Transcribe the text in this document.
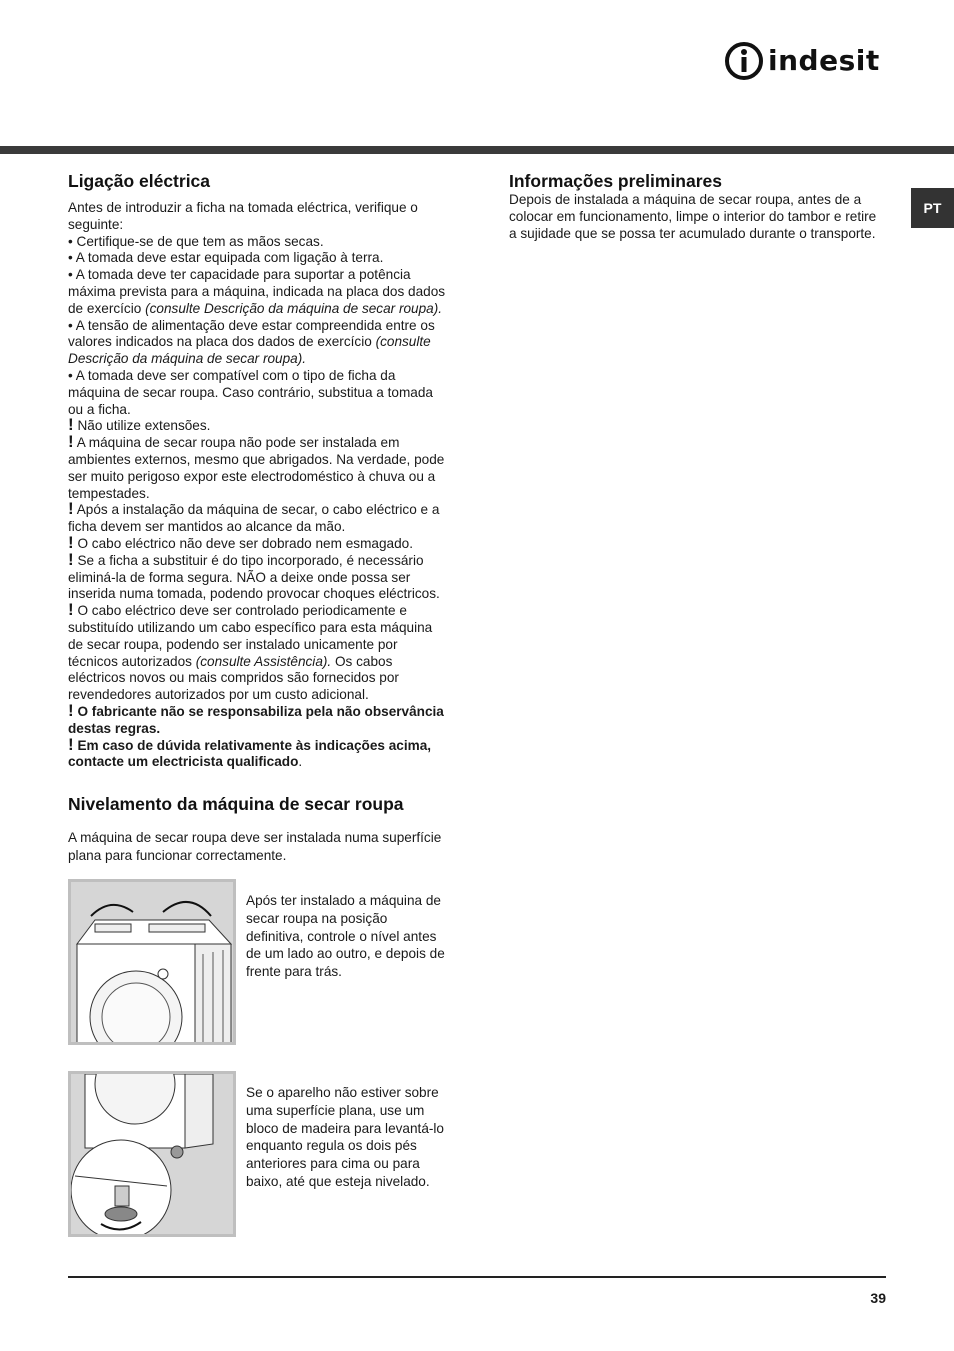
indesit
PT
Ligação eléctrica

Antes de introduzir a ficha na tomada eléctrica, verifique o seguinte:

• Certifique-se de que tem as mãos secas.

• A tomada deve estar equipada com ligação à terra.

• A tomada deve ter capacidade para suportar a potência máxima prevista para a máquina, indicada na placa dos dados de exercício (consulte Descrição da máquina de secar roupa).

• A tensão de alimentação deve estar compreendida entre os valores indicados na placa dos dados de exercício (consulte Descrição da máquina de secar roupa).

• A tomada deve ser compatível com o tipo de ficha da máquina de secar roupa. Caso contrário, substitua a tomada ou a ficha.

! Não utilize extensões.

! A máquina de secar roupa não pode ser instalada em ambientes externos, mesmo que abrigados. Na verdade, pode ser muito perigoso expor este electrodoméstico à chuva ou a tempestades.

! Após a instalação da máquina de secar, o cabo eléctrico e a ficha devem ser mantidos ao alcance da mão.

! O cabo eléctrico não deve ser dobrado nem esmagado.

! Se a ficha a substituir é do tipo incorporado, é necessário eliminá-la de forma segura. NÃO a deixe onde possa ser inserida numa tomada, podendo provocar choques eléctricos.

! O cabo eléctrico deve ser controlado periodicamente e substituído utilizando um cabo específico para esta máquina de secar roupa, podendo ser instalado unicamente por técnicos autorizados (consulte Assistência). Os cabos eléctricos novos ou mais compridos são fornecidos por revendedores autorizados por um custo adicional.

! O fabricante não se responsabiliza pela não observância destas regras.

! Em caso de dúvida relativamente às indicações acima, contacte um electricista qualificado.

Nivelamento da máquina de secar roupa

A máquina de secar roupa deve ser instalada numa superfície plana para funcionar correctamente.

Após ter instalado a máquina de secar roupa na posição definitiva, controle o nível antes de um lado ao outro, e depois de frente para trás.

Se o aparelho não estiver sobre uma superfície plana, use um bloco de madeira para levantá-lo enquanto regula os dois pés anteriores para cima ou para baixo, até que esteja nivelado.

Informações preliminares

Depois de instalada a máquina de secar roupa, antes de a colocar em funcionamento, limpe o interior do tambor e retire a sujidade que se possa ter acumulado durante o transporte.

39
